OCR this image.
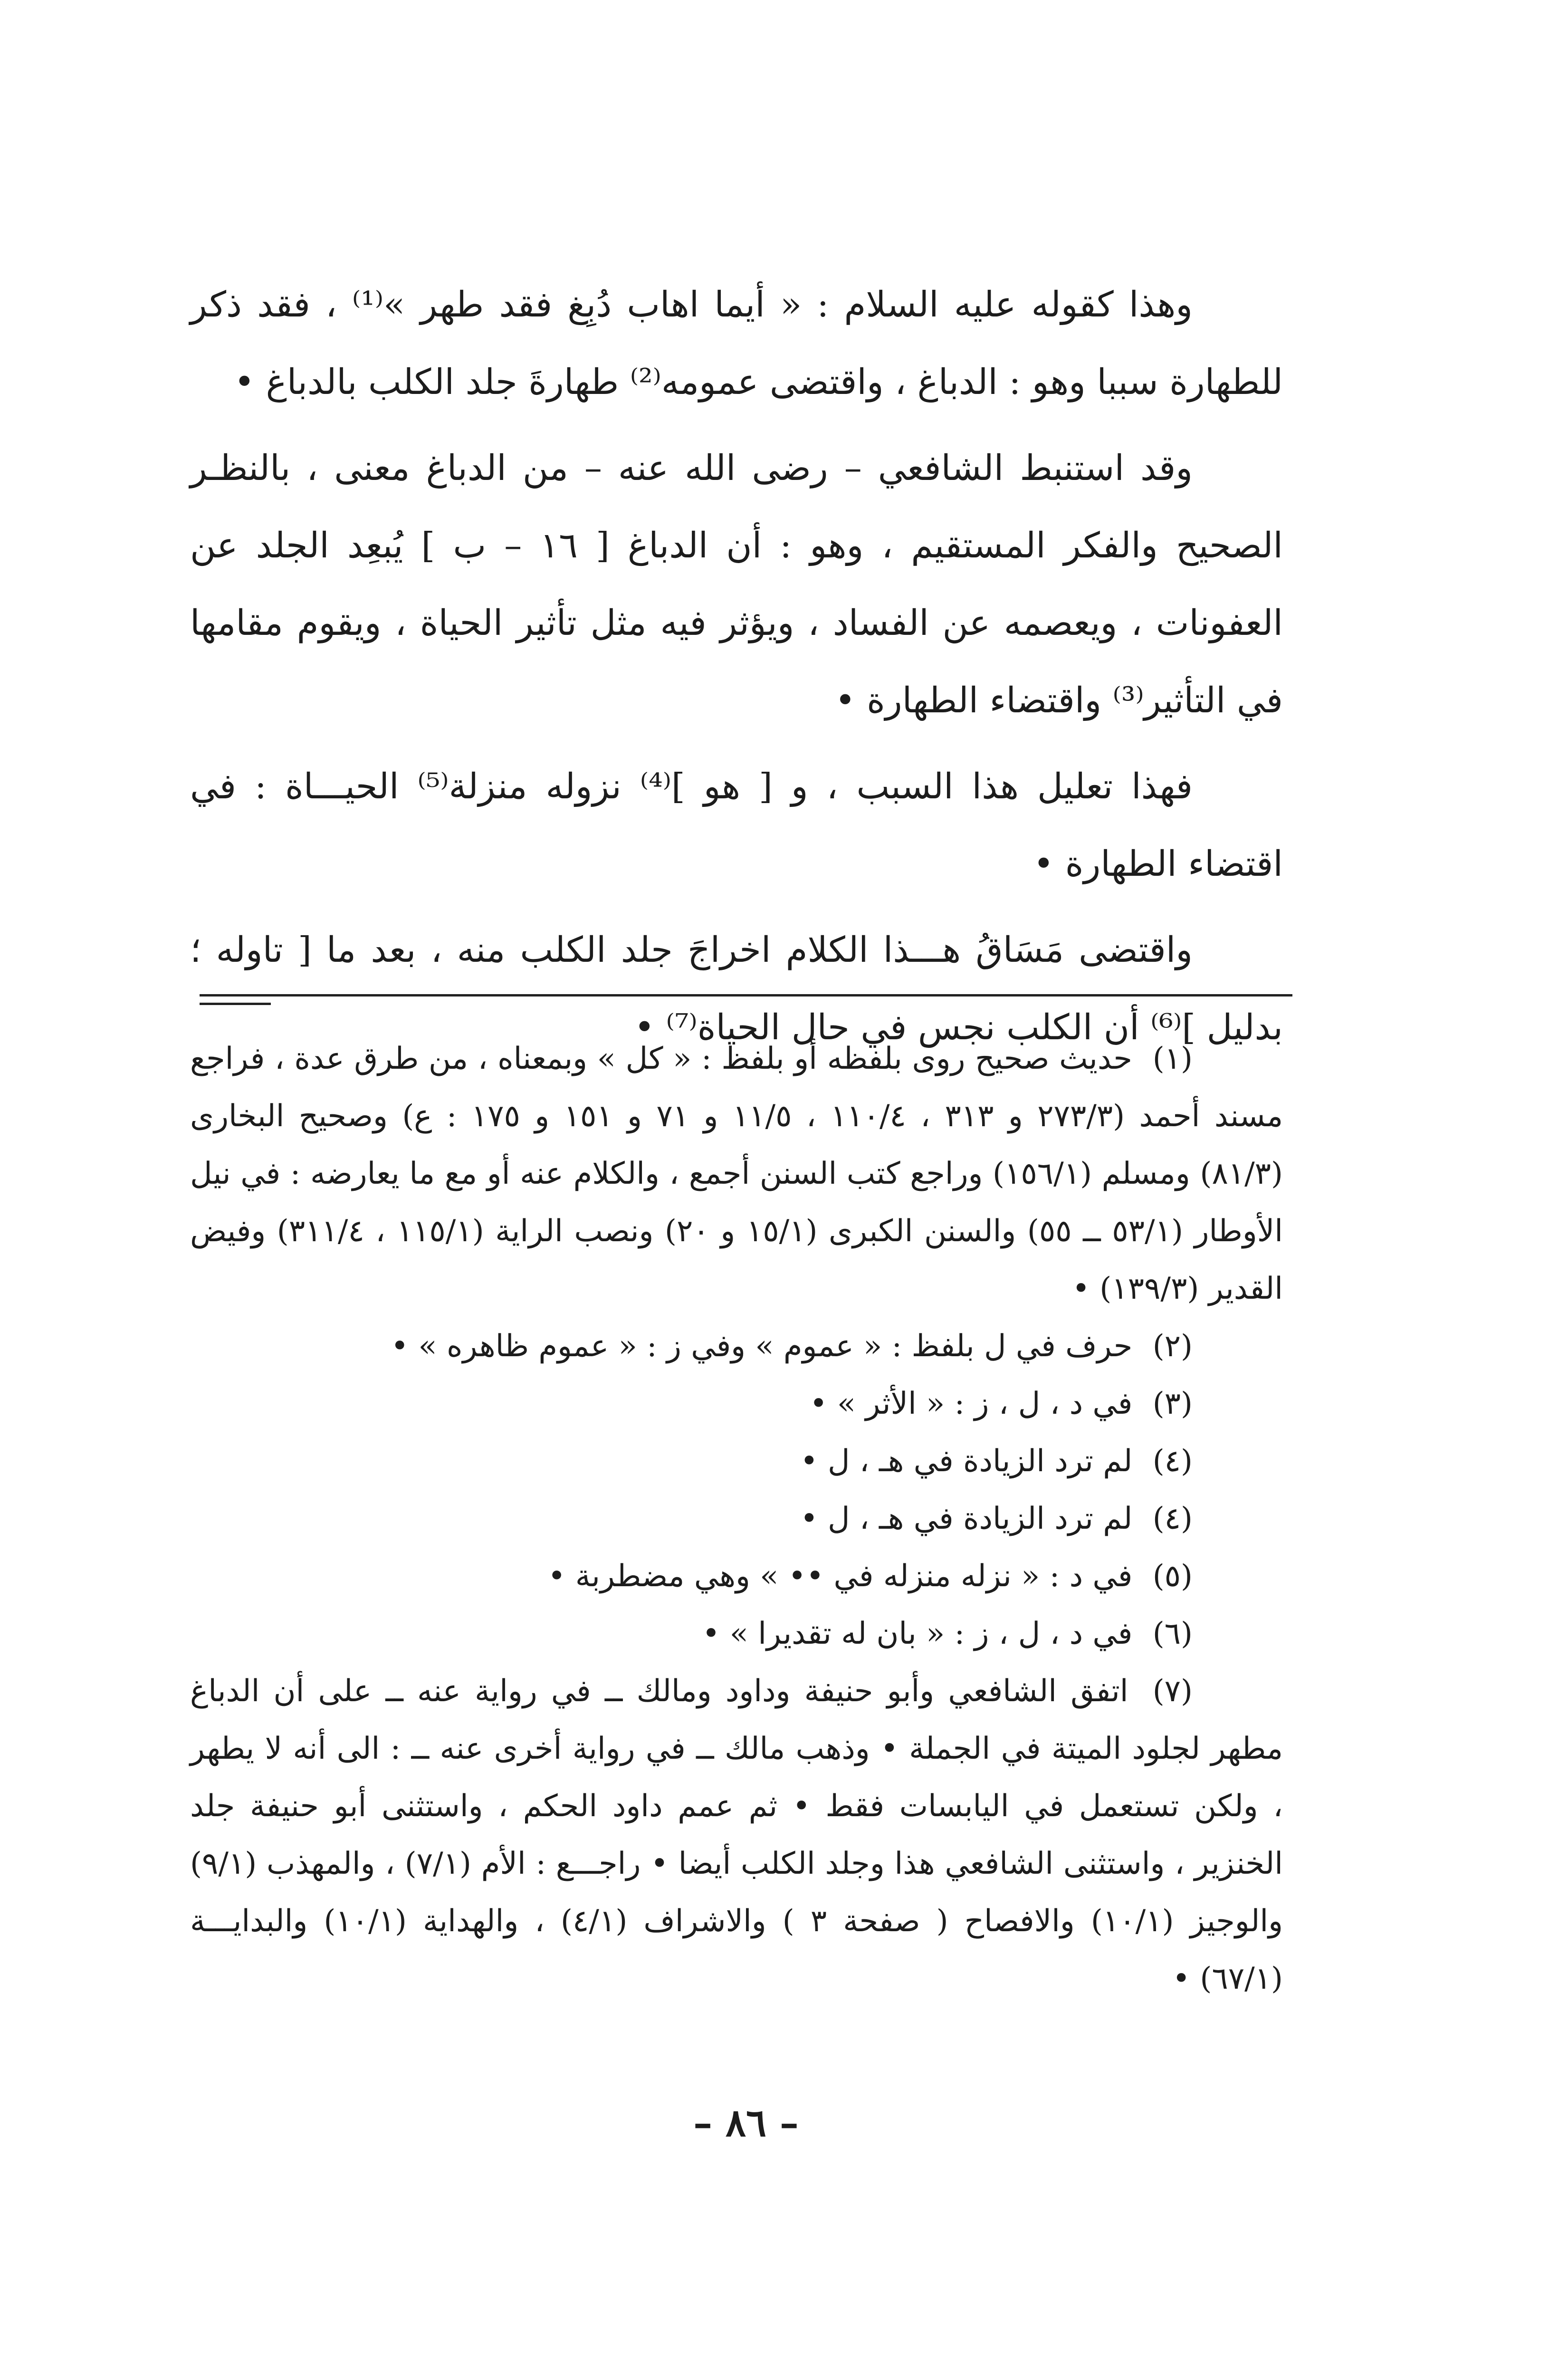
وهذا كقوله عليه السلام : « أيما اهاب دُبِغ فقد طهر »⁽¹⁾ ، فقد ذكر للطهارة سببا وهو : الدباغ ، واقتضى عمومه⁽²⁾ طهارةَ جلد الكلب بالدباغ •

وقد استنبط الشافعي – رضى الله عنه – من الدباغ معنى ، بالنظـر الصحيح والفكر المستقيم ، وهو : أن الدباغ [ ١٦ – ب ] يُبعِد الجلد عن العفونات ، ويعصمه عن الفساد ، ويؤثر فيه مثل تأثير الحياة ، ويقوم مقامها في التأثير⁽³⁾ واقتضاء الطهارة •

فهذا تعليل هذا السبب ، و [ هو ]⁽⁴⁾ نزوله منزلة⁽⁵⁾ الحيـــاة : في اقتضاء الطهارة •

واقتضى مَسَاقُ هـــذا الكلام اخراجَ جلد الكلب منه ، بعد ما [ تاوله ؛ بدليل ]⁽⁶⁾ أن الكلب نجس في حال الحياة⁽⁷⁾ •

(١) حديث صحيح روى بلفظه أو بلفظ : « كل » وبمعناه ، من طرق عدة ، فراجع مسند أحمد (٢٧٣/٣ و ٣١٣ ، ١١٠/٤ ، ١١/٥ و ٧١ و ١٥١ و ١٧٥ : ع) وصحيح البخارى (٨١/٣) ومسلم (١٥٦/١) وراجع كتب السنن أجمع ، والكلام عنه أو مع ما يعارضه : في نيل الأوطار (٥٣/١ ــ ٥٥) والسنن الكبرى (١٥/١ و ٢٠) ونصب الراية (١١٥/١ ، ٣١١/٤) وفيض القدير (١٣٩/٣) •

(٢) حرف في ل بلفظ : « عموم » وفي ز : « عموم ظاهره » •

(٣) في د ، ل ، ز : « الأثر » •

(٤) لم ترد الزيادة في هـ ، ل •

(٤) لم ترد الزيادة في هـ ، ل •

(٥) في د : « نزله منزله في •• » وهي مضطربة •

(٦) في د ، ل ، ز : « بان له تقديرا » •

(٧) اتفق الشافعي وأبو حنيفة وداود ومالك ــ في رواية عنه ــ على أن الدباغ مطهر لجلود الميتة في الجملة • وذهب مالك ــ في رواية أخرى عنه ــ : الى أنه لا يطهر ، ولكن تستعمل في اليابسات فقط • ثم عمم داود الحكم ، واستثنى أبو حنيفة جلد الخنزير ، واستثنى الشافعي هذا وجلد الكلب أيضا • راجـــع : الأم (٧/١) ، والمهذب (٩/١) والوجيز (١٠/١) والافصاح ( صفحة ٣ ) والاشراف (٤/١) ، والهداية (١٠/١) والبدايـــة (٦٧/١) •

– ٨٦ –
